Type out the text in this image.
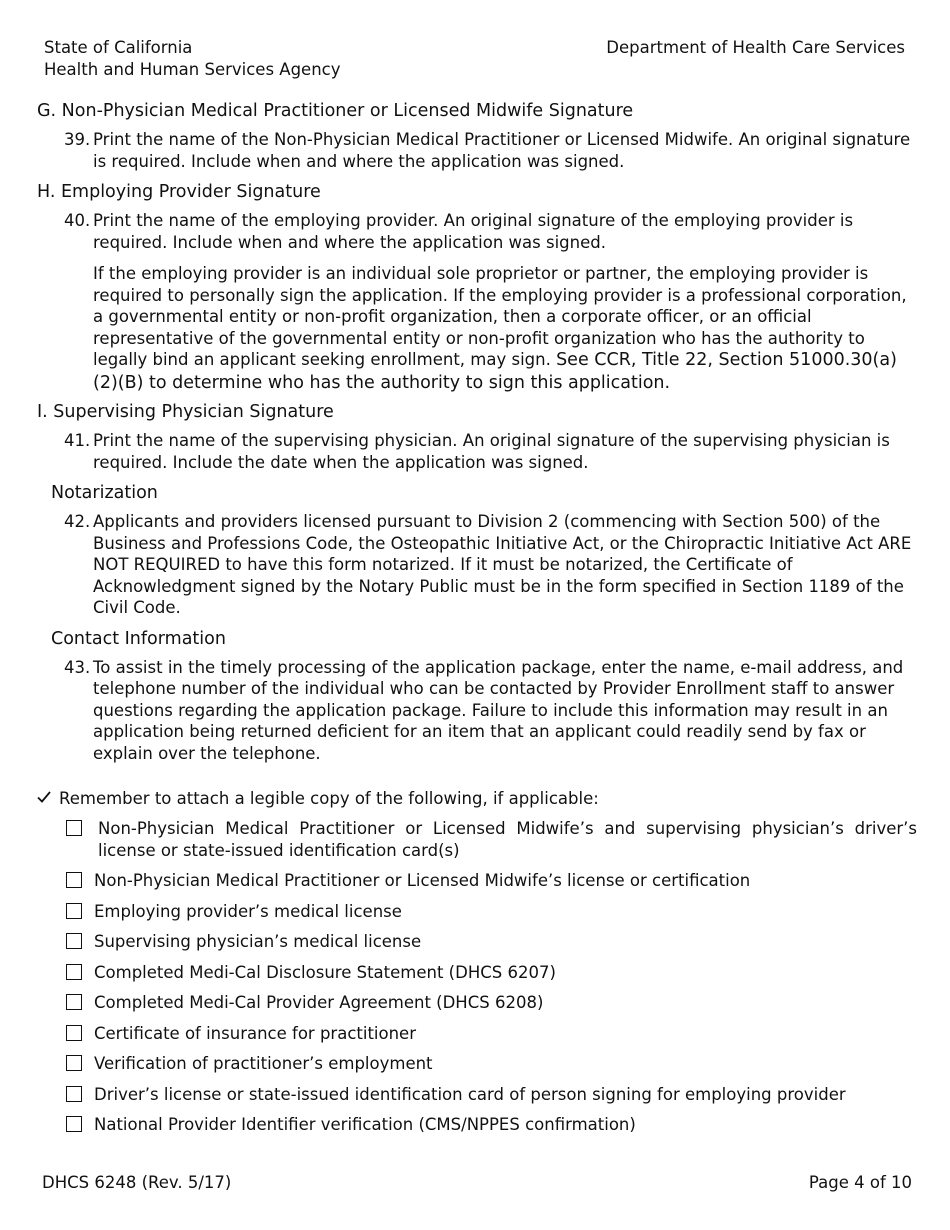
State of California
Health and Human Services Agency
Department of Health Care Services
G. Non-Physician Medical Practitioner or Licensed Midwife Signature
39. Print the name of the Non-Physician Medical Practitioner or Licensed Midwife. An original signature is required. Include when and where the application was signed.

H. Employing Provider Signature
40. Print the name of the employing provider. An original signature of the employing provider is required. Include when and where the application was signed.

If the employing provider is an individual sole proprietor or partner, the employing provider is required to personally sign the application. If the employing provider is a professional corporation, a governmental entity or non-profit organization, then a corporate officer, or an official representative of the governmental entity or non-profit organization who has the authority to legally bind an applicant seeking enrollment, may sign. See CCR, Title 22, Section 51000.30(a)(2)(B) to determine who has the authority to sign this application.

I. Supervising Physician Signature
41. Print the name of the supervising physician. An original signature of the supervising physician is required. Include the date when the application was signed.

Notarization
42. Applicants and providers licensed pursuant to Division 2 (commencing with Section 500) of the Business and Professions Code, the Osteopathic Initiative Act, or the Chiropractic Initiative Act ARE NOT REQUIRED to have this form notarized. If it must be notarized, the Certificate of Acknowledgment signed by the Notary Public must be in the form specified in Section 1189 of the Civil Code.

Contact Information
43. To assist in the timely processing of the application package, enter the name, e-mail address, and telephone number of the individual who can be contacted by Provider Enrollment staff to answer questions regarding the application package. Failure to include this information may result in an application being returned deficient for an item that an applicant could readily send by fax or explain over the telephone.

Remember to attach a legible copy of the following, if applicable:
Non-Physician Medical Practitioner or Licensed Midwife’s and supervising physician’s driver’s license or state-issued identification card(s)
Non-Physician Medical Practitioner or Licensed Midwife’s license or certification
Employing provider’s medical license
Supervising physician’s medical license
Completed Medi-Cal Disclosure Statement (DHCS 6207)
Completed Medi-Cal Provider Agreement (DHCS 6208)
Certificate of insurance for practitioner
Verification of practitioner’s employment
Driver’s license or state-issued identification card of person signing for employing provider
National Provider Identifier verification (CMS/NPPES confirmation)
DHCS 6248 (Rev. 5/17)	Page 4 of 10
